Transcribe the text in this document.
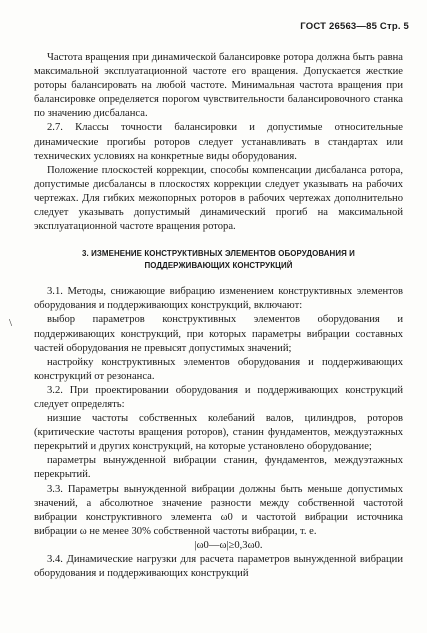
ГОСТ 26563—85 Стр. 5
\

Частота вращения при динамической балансировке ротора должна быть равна максимальной эксплуатационной частоте его вращения. Допускается жесткие роторы балансировать на любой частоте. Минимальная частота вращения при балансировке определяется порогом чувствительности балансировочного станка по значению дисбаланса.

2.7. Классы точности балансировки и допустимые относительные динамические прогибы роторов следует устанавливать в стандартах или технических условиях на конкретные виды оборудования.

Положение плоскостей коррекции, способы компенсации дисбаланса ротора, допустимые дисбалансы в плоскостях коррекции следует указывать на рабочих чертежах. Для гибких межопорных роторов в рабочих чертежах дополнительно следует указывать допустимый динамический прогиб на максимальной эксплуатационной частоте вращения ротора.

3. ИЗМЕНЕНИЕ КОНСТРУКТИВНЫХ ЭЛЕМЕНТОВ ОБОРУДОВАНИЯ И
ПОДДЕРЖИВАЮЩИХ КОНСТРУКЦИЙ

3.1. Методы, снижающие вибрацию изменением конструктивных элементов оборудования и поддерживающих конструкций, включают:

выбор параметров конструктивных элементов оборудования и поддерживающих конструкций, при которых параметры вибрации составных частей оборудования не превысят допустимых значений;

настройку конструктивных элементов оборудования и поддерживающих конструкций от резонанса.

3.2. При проектировании оборудования и поддерживающих конструкций следует определять:

низшие частоты собственных колебаний валов, цилиндров, роторов (критические частоты вращения роторов), станин фундаментов, междуэтажных перекрытий и других конструкций, на которые установлено оборудование;

параметры вынужденной вибрации станин, фундаментов, междуэтажных перекрытий.

3.3. Параметры вынужденной вибрации должны быть меньше допустимых значений, а абсолютное значение разности между собственной частотой вибрации конструктивного элемента ω0 и частотой вибрации источника вибрации ω не менее 30% собственной частоты вибрации, т. е.

|ω0—ω|≥0,3ω0.

3.4. Динамические нагрузки для расчета параметров вынужденной вибрации оборудования и поддерживающих конструкций
